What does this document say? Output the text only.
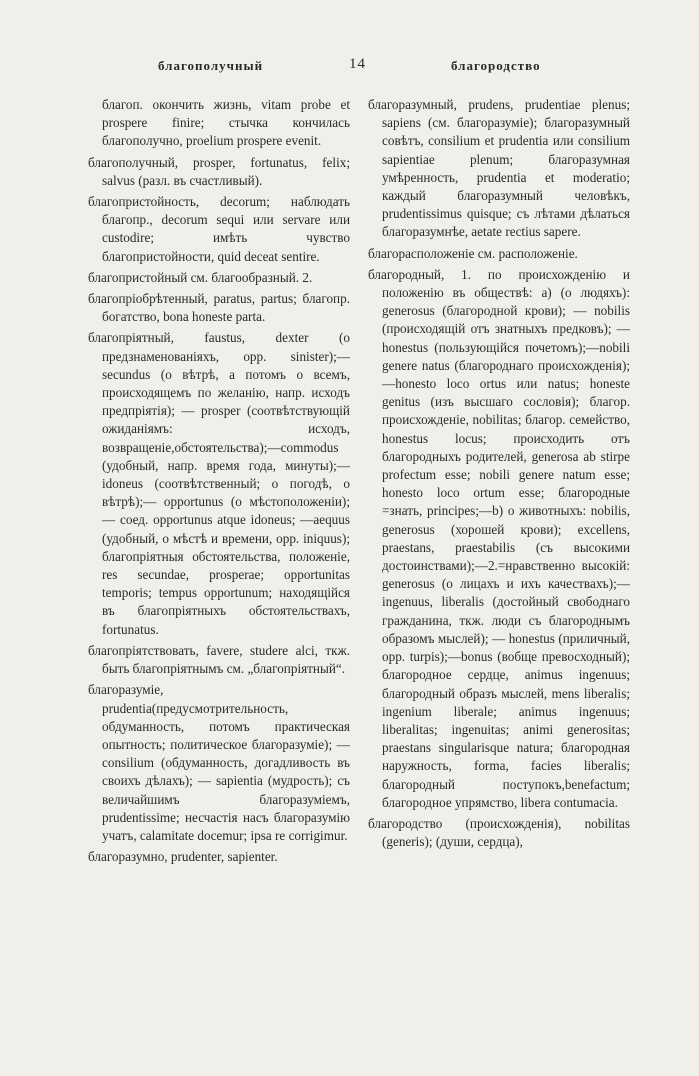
благополучный	14	благородство

благоп. окончить жизнь, vitam probe et prospere finire; стычка кончилась благополучно, proelium prospere evenit.

благополучный, prosper, fortunatus, felix; salvus (разл. въ счастливый).

благопристойность, decorum; наблюдать благопр., decorum sequi или servare или custodire; имѣть чувство благопристойности, quid deceat sentire.

благопристойный см. благообразный. 2.

благопріобрѣтенный, paratus, partus; благопр. богатство, bona honeste parta.

благопріятный, faustus, dexter (о предзнаменованіяхъ, opp. sinister);—secundus (о вѣтрѣ, а потомъ о всемъ, происходящемъ по желанію, напр. исходъ предпріятія); — prosper (соотвѣтствующій ожиданіямъ: исходъ, возвращеніе,обстоятельства);—commodus (удобный, напр. время года, минуты);—idoneus (соотвѣтственный; о погодѣ, о вѣтрѣ);— opportunus (о мѣстоположеніи); — соед. opportunus atque idoneus; —aequus (удобный, о мѣстѣ и времени, opp. iniquus); благопріятныя обстоятельства, положеніе, res secundae, prosperae; opportunitas temporis; tempus opportunum; находящійся въ благопріятныхъ обстоятельствахъ, fortunatus.

благопріятствовать, favere, studere alci, ткж. быть благопріятнымъ см. „благопріятный“.

благоразуміе, prudentia(предусмотрительность, обдуманность, потомъ практическая опытность; политическое благоразуміе); — consilium (обдуманность, догадливость въ своихъ дѣлахъ); — sapientia (мудрость); съ величайшимъ благоразуміемъ, prudentissime; несчастія насъ благоразумію учатъ, calamitate docemur; ipsa re corrigimur.

благоразумно, prudenter, sapienter.

благоразумный, prudens, prudentiae plenus; sapiens (см. благоразуміе); благоразумный совѣтъ, consilium et prudentia или consilium sapientiae plenum; благоразумная умѣренность, prudentia et moderatio; каждый благоразумный человѣкъ, prudentissimus quisque; съ лѣтами дѣлаться благоразумнѣе, aetate rectius sapere.

благорасположеніе см. расположеніе.

благородный, 1. по происхожденію и положенію въ обществѣ: а) (о людяхъ): generosus (благородной крови); — nobilis (происходящій отъ знатныхъ предковъ); —honestus (пользующійся почетомъ);—nobili genere natus (благороднаго происхожденія);—honesto loco ortus или natus; honeste genitus (изъ высшаго сословія); благор. происхожденіе, nobilitas; благор. семейство, honestus locus; происходить отъ благородныхъ родителей, generosa ab stirpe profectum esse; nobili genere natum esse; honesto loco ortum esse; благородные =знать, principes;—b) о животныхъ: nobilis, generosus (хорошей крови); excellens, praestans, praestabilis (съ высокими достоинствами);—2.=нравственно высокій: generosus (о лицахъ и ихъ качествахъ);—ingenuus, liberalis (достойный свободнаго гражданина, ткж. люди съ благороднымъ образомъ мыслей); — honestus (приличный, opp. turpis);—bonus (вобще превосходный); благородное сердце, animus ingenuus; благородный образъ мыслей, mens liberalis; ingenium liberale; animus ingenuus; liberalitas; ingenuitas; animi generositas; praestans singularisque natura; благородная наружность, forma, facies liberalis; благородный поступокъ,benefactum; благородное упрямство, libera contumacia.

благородство (происхожденія), nobilitas (generis); (души, сердца),
